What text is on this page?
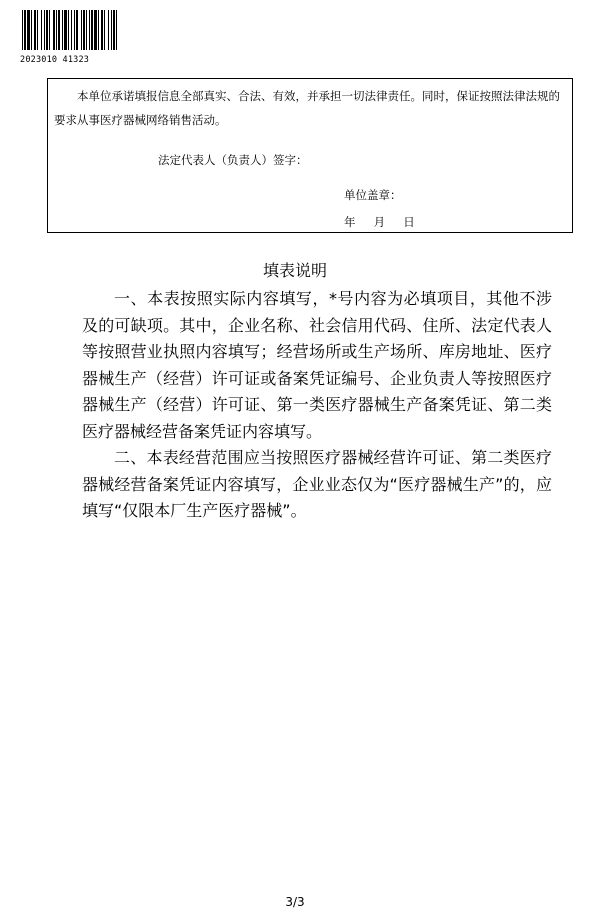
2023010 41323
本单位承诺填报信息全部真实、合法、有效，并承担一切法律责任。同时，保证按照法律法规的要求从事医疗器械网络销售活动。
法定代表人（负责人）签字：
单位盖章：
年　 月　 日
填表说明

一、本表按照实际内容填写，*号内容为必填项目，其他不涉及的可缺项。其中，企业名称、社会信用代码、住所、法定代表人等按照营业执照内容填写；经营场所或生产场所、库房地址、医疗器械生产（经营）许可证或备案凭证编号、企业负责人等按照医疗器械生产（经营）许可证、第一类医疗器械生产备案凭证、第二类医疗器械经营备案凭证内容填写。

二、本表经营范围应当按照医疗器械经营许可证、第二类医疗器械经营备案凭证内容填写，企业业态仅为“医疗器械生产”的，应填写“仅限本厂生产医疗器械”。

3/3
